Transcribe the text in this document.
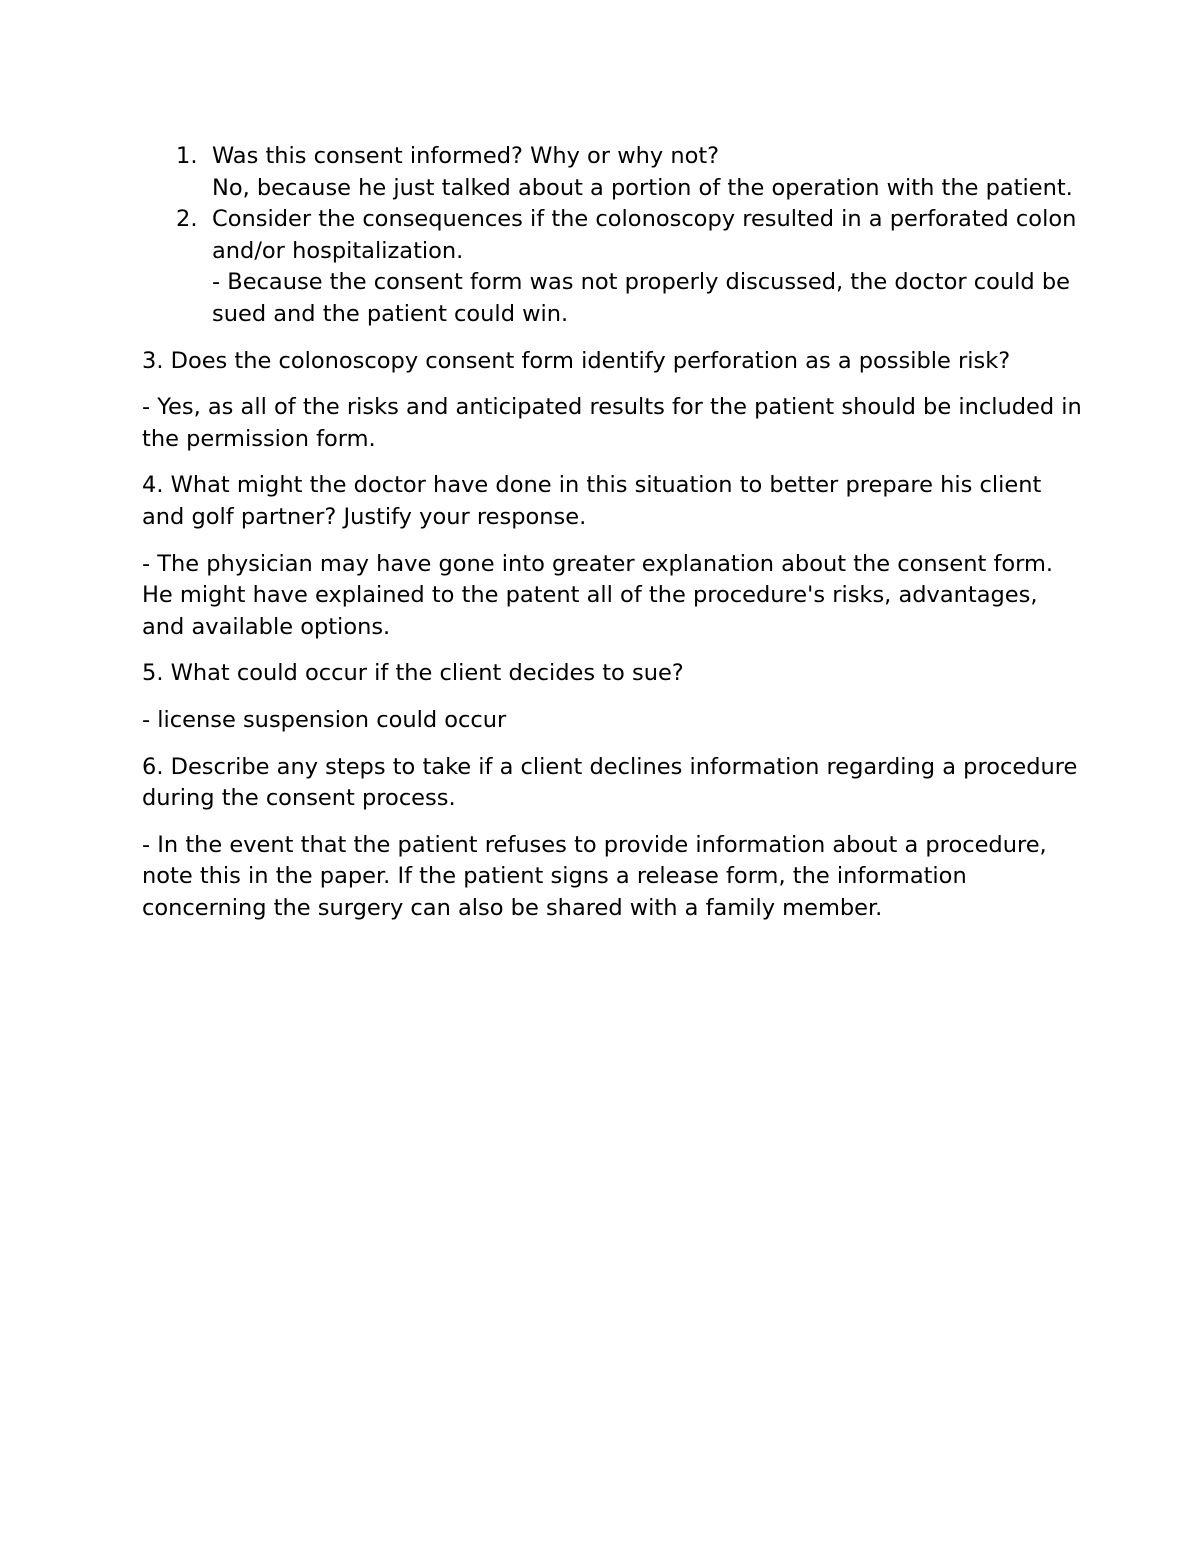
1. Was this consent informed? Why or why not?
No, because he just talked about a portion of the operation with the patient.
2. Consider the consequences if the colonoscopy resulted in a perforated colon and/or hospitalization.
- Because the consent form was not properly discussed, the doctor could be sued and the patient could win.

3. Does the colonoscopy consent form identify perforation as a possible risk?

- Yes, as all of the risks and anticipated results for the patient should be included in the permission form.

4. What might the doctor have done in this situation to better prepare his client and golf partner? Justify your response.

- The physician may have gone into greater explanation about the consent form. He might have explained to the patent all of the procedure's risks, advantages, and available options.

5. What could occur if the client decides to sue?

- license suspension could occur

6. Describe any steps to take if a client declines information regarding a procedure during the consent process.

- In the event that the patient refuses to provide information about a procedure, note this in the paper. If the patient signs a release form, the information concerning the surgery can also be shared with a family member.
